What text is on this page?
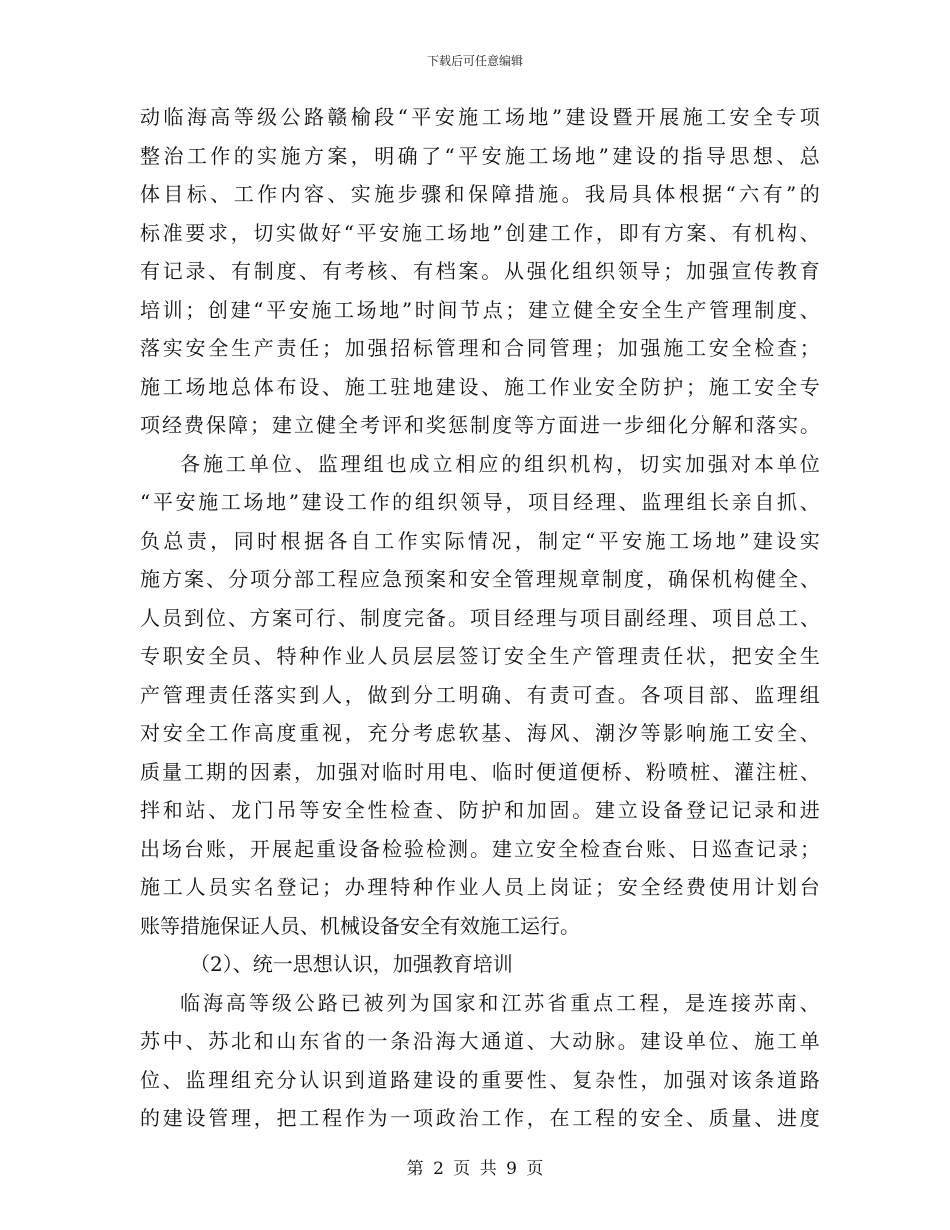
下载后可任意编辑
动 临 海 高 等 级 公 路 赣 榆 段 “ 平 安 施 工 场 地 ” 建 设 暨 开 展 施 工 安 全 专 项
整 治 工 作 的 实 施 方 案 ， 明 确 了 “ 平 安 施 工 场 地 ” 建 设 的 指 导 思 想 、 总
体 目 标 、 工 作 内 容 、 实 施 步 骤 和 保 障 措 施 。 我 局 具 体 根 据 “ 六 有 ” 的
标 准 要 求 ， 切 实 做 好 “ 平 安 施 工 场 地 ” 创 建 工 作 ， 即 有 方 案 、 有 机 构 、
有 记 录 、 有 制 度 、 有 考 核 、 有 档 案 。 从 强 化 组 织 领 导 ； 加 强 宣 传 教 育
培 训 ； 创 建 “ 平 安 施 工 场 地 ” 时 间 节 点 ； 建 立 健 全 安 全 生 产 管 理 制 度 、
落 实 安 全 生 产 责 任 ； 加 强 招 标 管 理 和 合 同 管 理 ； 加 强 施 工 安 全 检 查 ；
施 工 场 地 总 体 布 设 、 施 工 驻 地 建 设 、 施 工 作 业 安 全 防 护 ； 施 工 安 全 专
项 经 费 保 障 ； 建 立 健 全 考 评 和 奖 惩 制 度 等 方 面 进 一 步 细 化 分 解 和 落 实 。
各 施 工 单 位 、 监 理 组 也 成 立 相 应 的 组 织 机 构 ， 切 实 加 强 对 本 单 位
“ 平 安 施 工 场 地 ” 建 设 工 作 的 组 织 领 导 ， 项 目 经 理 、 监 理 组 长 亲 自 抓 、
负 总 责 ， 同 时 根 据 各 自 工 作 实 际 情 况 ， 制 定 “ 平 安 施 工 场 地 ” 建 设 实
施 方 案 、 分 项 分 部 工 程 应 急 预 案 和 安 全 管 理 规 章 制 度 ， 确 保 机 构 健 全 、
人 员 到 位 、 方 案 可 行 、 制 度 完 备 。 项 目 经 理 与 项 目 副 经 理 、 项 目 总 工 、
专 职 安 全 员 、 特 种 作 业 人 员 层 层 签 订 安 全 生 产 管 理 责 任 状 ， 把 安 全 生
产 管 理 责 任 落 实 到 人 ， 做 到 分 工 明 确 、 有 责 可 查 。 各 项 目 部 、 监 理 组
对 安 全 工 作 高 度 重 视 ， 充 分 考 虑 软 基 、 海 风 、 潮 汐 等 影 响 施 工 安 全 、
质 量 工 期 的 因 素 ， 加 强 对 临 时 用 电 、 临 时 便 道 便 桥 、 粉 喷 桩 、 灌 注 桩 、
拌 和 站 、 龙 门 吊 等 安 全 性 检 查 、 防 护 和 加 固 。 建 立 设 备 登 记 记 录 和 进
出 场 台 账 ， 开 展 起 重 设 备 检 验 检 测 。 建 立 安 全 检 查 台 账 、 日 巡 查 记 录 ；
施 工 人 员 实 名 登 记 ； 办 理 特 种 作 业 人 员 上 岗 证 ； 安 全 经 费 使 用 计 划 台
账等措施保证人员、机械设备安全有效施工运行。
（2）、统一思想认识，加强教育培训
临 海 高 等 级 公 路 已 被 列 为 国 家 和 江 苏 省 重 点 工 程 ， 是 连 接 苏 南 、
苏 中 、 苏 北 和 山 东 省 的 一 条 沿 海 大 通 道 、 大 动 脉 。 建 设 单 位 、 施 工 单
位 、 监 理 组 充 分 认 识 到 道 路 建 设 的 重 要 性 、 复 杂 性 ， 加 强 对 该 条 道 路
的 建 设 管 理 ， 把 工 程 作 为 一 项 政 治 工 作 ， 在 工 程 的 安 全 、 质 量 、 进 度
第 2 页 共 9 页
